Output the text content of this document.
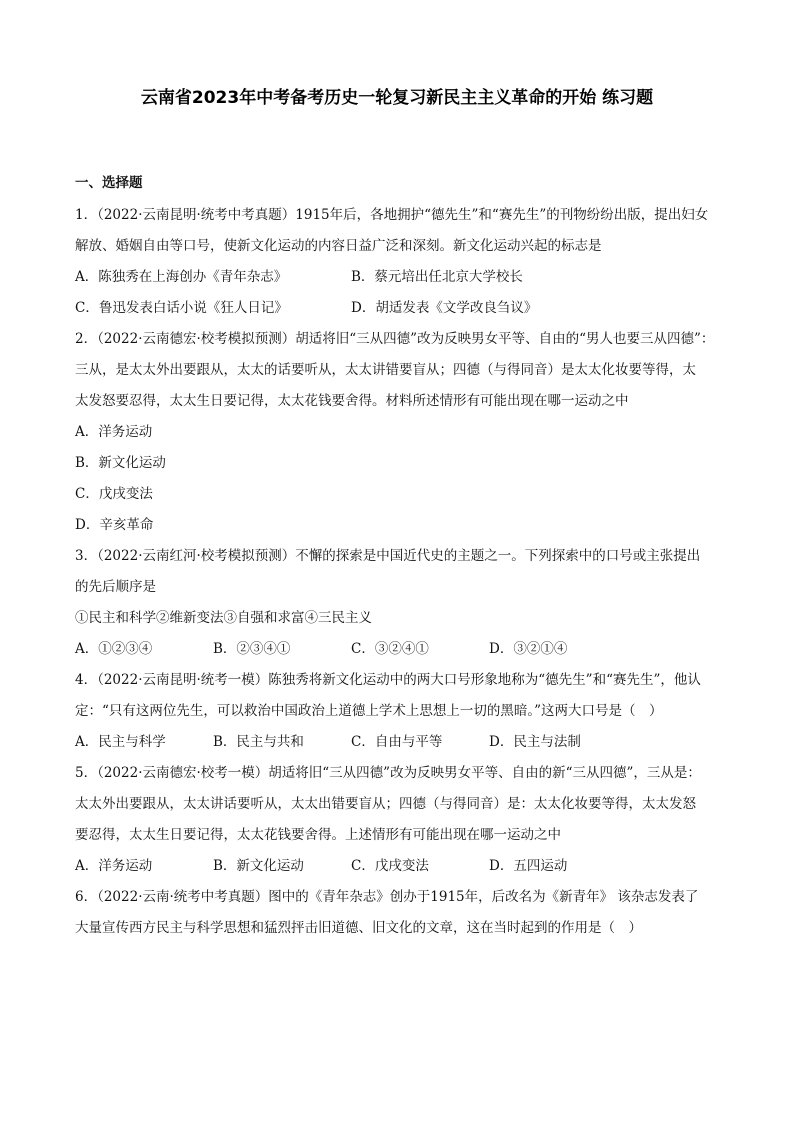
云南省2023年中考备考历史一轮复习新民主主义革命的开始 练习题
一、选择题
1．（2022·云南昆明·统考中考真题）1915年后，各地拥护“德先生”和“赛先生”的刊物纷纷出版，提出妇女
解放、婚姻自由等口号，使新文化运动的内容日益广泛和深刻。新文化运动兴起的标志是
A．陈独秀在上海创办《青年杂志》	B．蔡元培出任北京大学校长
C．鲁迅发表白话小说《狂人日记》	D．胡适发表《文学改良刍议》
2．（2022·云南德宏·校考模拟预测）胡适将旧“三从四德”改为反映男女平等、自由的“男人也要三从四德”：
三从，是太太外出要跟从，太太的话要听从，太太讲错要盲从；四德（与得同音）是太太化妆要等得，太
太发怒要忍得，太太生日要记得，太太花钱要舍得。材料所述情形有可能出现在哪一运动之中
A．洋务运动
B．新文化运动
C．戊戌变法
D．辛亥革命
3．（2022·云南红河·校考模拟预测）不懈的探索是中国近代史的主题之一。下列探索中的口号或主张提出
的先后顺序是
①民主和科学②维新变法③自强和求富④三民主义
A．①②③④	B．②③④①	C．③②④①	D．③②①④
4．（2022·云南昆明·统考一模）陈独秀将新文化运动中的两大口号形象地称为“德先生”和“赛先生”，他认
定：“只有这两位先生，可以救治中国政治上道德上学术上思想上一切的黑暗。”这两大口号是（　）
A．民主与科学	B．民主与共和	C．自由与平等	D．民主与法制
5．（2022·云南德宏·校考一模）胡适将旧“三从四德”改为反映男女平等、自由的新“三从四德”，三从是：
太太外出要跟从，太太讲话要听从，太太出错要盲从；四德（与得同音）是：太太化妆要等得，太太发怒
要忍得，太太生日要记得，太太花钱要舍得。上述情形有可能出现在哪一运动之中
A．洋务运动	B．新文化运动	C．戊戌变法	D．五四运动
6．（2022·云南·统考中考真题）图中的《青年杂志》创办于1915年，后改名为《新青年》 该杂志发表了
大量宣传西方民主与科学思想和猛烈抨击旧道德、旧文化的文章，这在当时起到的作用是（　）
